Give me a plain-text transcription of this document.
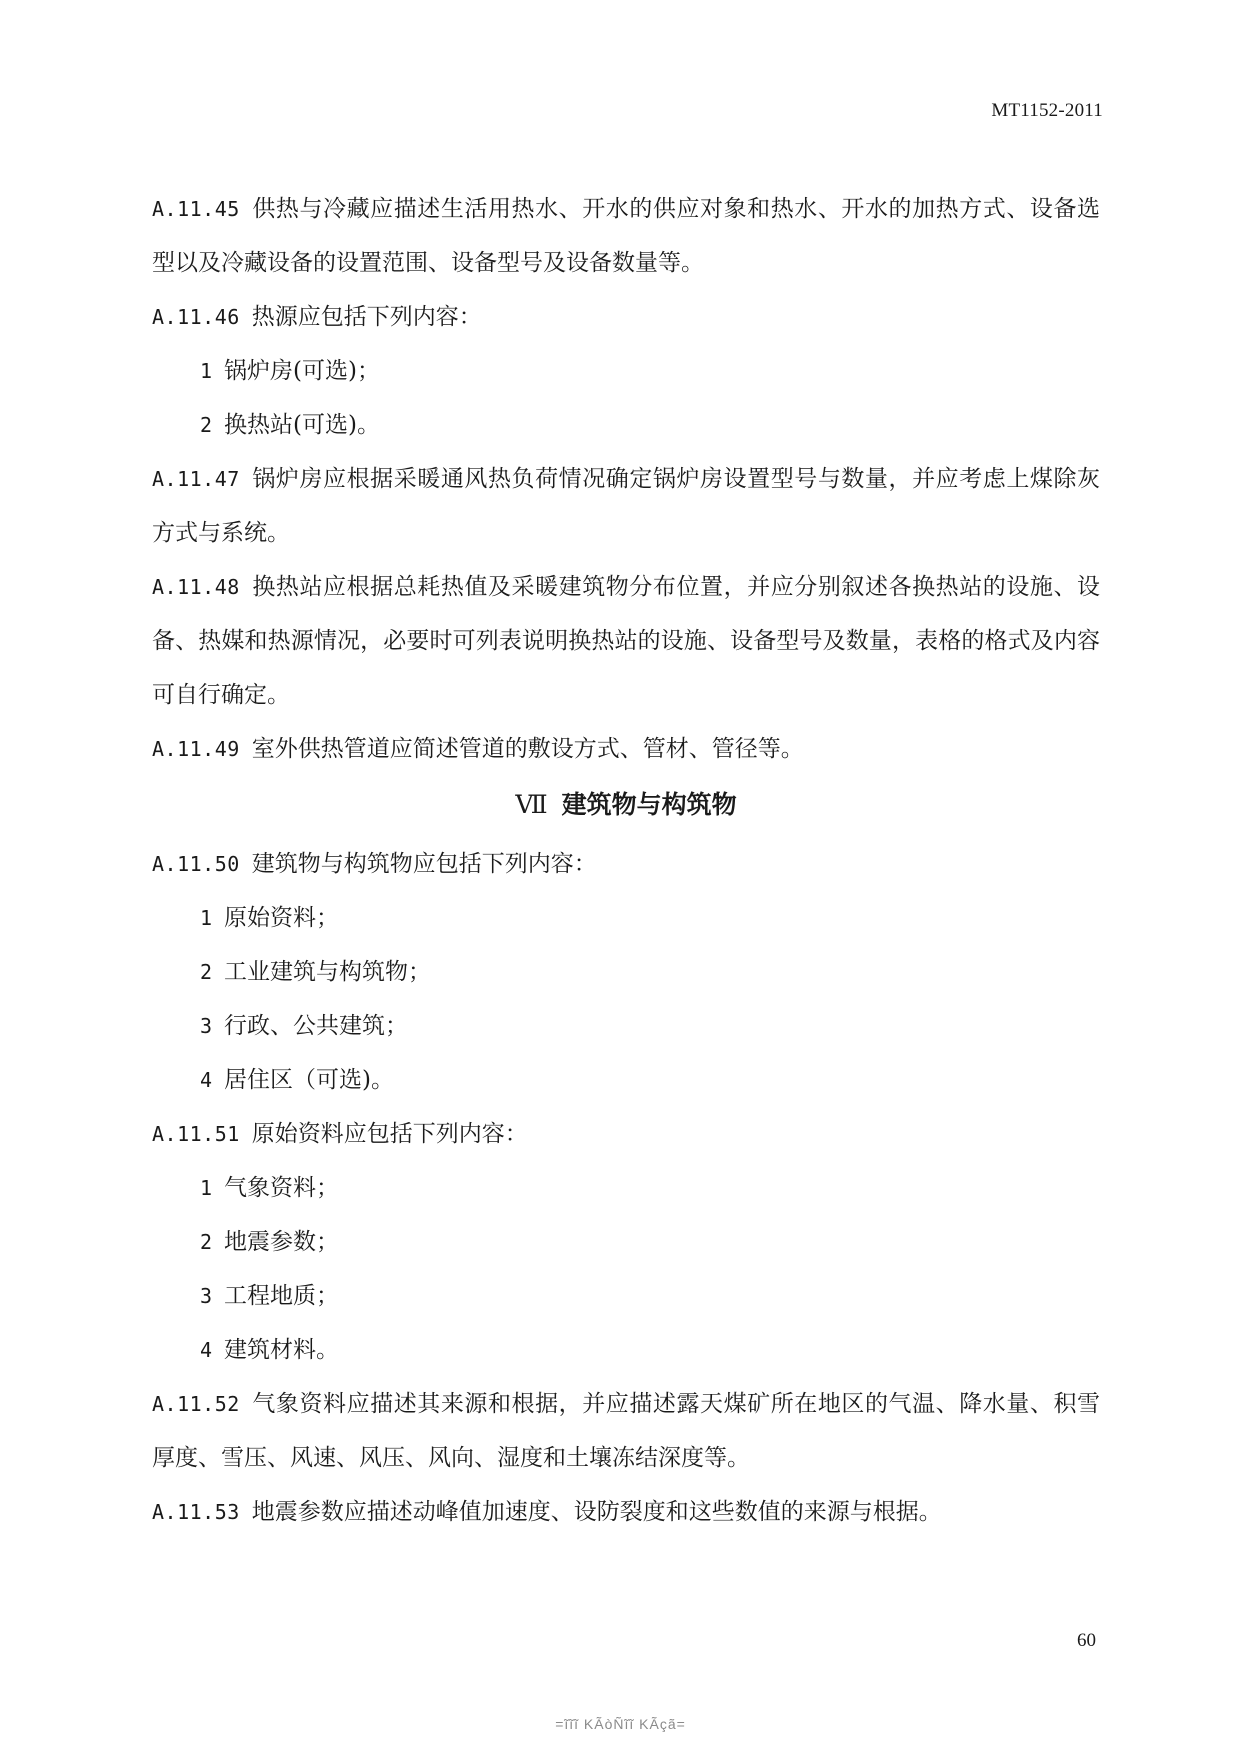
MT1152-2011

A.11.45 供热与冷藏应描述生活用热水、开水的供应对象和热水、开水的加热方式、设备选型以及冷藏设备的设置范围、设备型号及设备数量等。

A.11.46 热源应包括下列内容：

1 锅炉房(可选)；

2 换热站(可选)。

A.11.47 锅炉房应根据采暖通风热负荷情况确定锅炉房设置型号与数量，并应考虑上煤除灰方式与系统。

A.11.48 换热站应根据总耗热值及采暖建筑物分布位置，并应分别叙述各换热站的设施、设备、热媒和热源情况，必要时可列表说明换热站的设施、设备型号及数量，表格的格式及内容可自行确定。

A.11.49 室外供热管道应简述管道的敷设方式、管材、管径等。

Ⅶ 建筑物与构筑物

A.11.50 建筑物与构筑物应包括下列内容：

1 原始资料；

2 工业建筑与构筑物；

3 行政、公共建筑；

4 居住区（可选)。

A.11.51 原始资料应包括下列内容：

1 气象资料；

2 地震参数；

3 工程地质；

4 建筑材料。

A.11.52 气象资料应描述其来源和根据，并应描述露天煤矿所在地区的气温、降水量、积雪厚度、雪压、风速、风压、风向、湿度和土壤冻结深度等。

A.11.53 地震参数应描述动峰值加速度、设防裂度和这些数值的来源与根据。

60
=ĩĩĩ KÃòÑĩĩ KÃçã=
